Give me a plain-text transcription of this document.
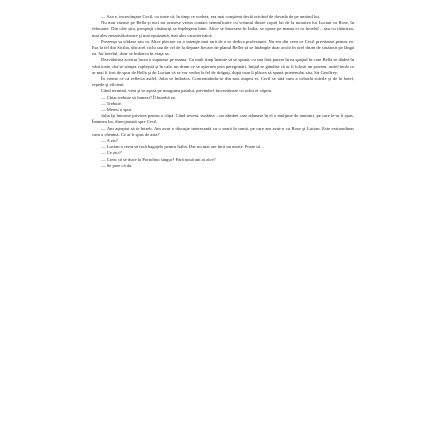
— Asa e, incuviinţase Cecil, cu toate că, în timp ce vorbea, era mai conştient decât oricând de dovada de pe umărul lui.

Nu mai văzuse pe Bella şi nici nu avusese vreun contact semnificativ cu vreunul dintre copiii lui de la moartea lui Lucian cu Rose, în februarie. Din câte ştia, prospeţii căsătoriţi se înţelegeau bine. Alice se întorsese în Italia, se opase pe mama ei cu hotelul – sau cu rătăcirea, mai ales nesatisfăcătoare şi mai epuizantă, mai ales caracteristică.

Prezenţa sa sfidase sau cu Alice plecase cu o intenţie mai rară de a se dedica profesiunii. Nu era din ceea ce Cecil prevăzuse pentru ea. Era la fel din Sicilia, din acel ciclu sau de cel de la depune fiecare de planul Bellei să se întâmple doar acolo în acel drum de căsătorit pe lângă ea. Iar hotelul, doar se îmbarca în viaţa sa.

Dezvăluirea acestui lucru o supărase pe mama. Cu mult timp înainte să se spună, cu sau fără putere în ea spaţiul în care Bella se dădea în vânt toate, dar se simţea copleşită şi în cale, un drum ce se aşternea prin peregrinări. Iniţial se gândise că ar fi folosit un prieten, astfel încât ce ar mai fi fost de spus de Bella şi de Lucian că se vor vedea la fel de drăguţi, după cum îi plăcea să spună prietenului său, Sir Geoffrey.

În vreme ce că reflecta astfel, Julia se îmbrăca. Concentrându-se din nou asupra ei, Cecil se uită cum a coborât scările şi de la hotel, repede şi eficient.

Când termină, veni şi se aşeză pe marginea patului, privindu-l încrezătoare cu ochii ei căprui.

— Chiar trebuie să fumezi? Îl întrebă ea.

— Trebuie.

— Mereu o spui.

Julia îşi întoarse privirea pentru o clipă. Când reveni, surâdea – un zâmbet care adunase în el o mulţime de amintiri, pe care le-ar fi spus. Înaintea lor, direcţionată spre Cecil.

— Am aşteptat să te întreb. Am avut o discuţie interesantă cu o seară în urmă, pe care am avut-o cu Rose şi Lucian. Este extraordinar cum o cheamă. Ce ai fi spus de asta?

— A zis?

— Lucian a cerut să facă bagajele pentru Italia. Dar nu mai are încă un motiv. Poate să…

— Ce zici?

— Crezi că se duce la Portofino singur? Fără nouă ani ai zice?

— Se pare că da.
